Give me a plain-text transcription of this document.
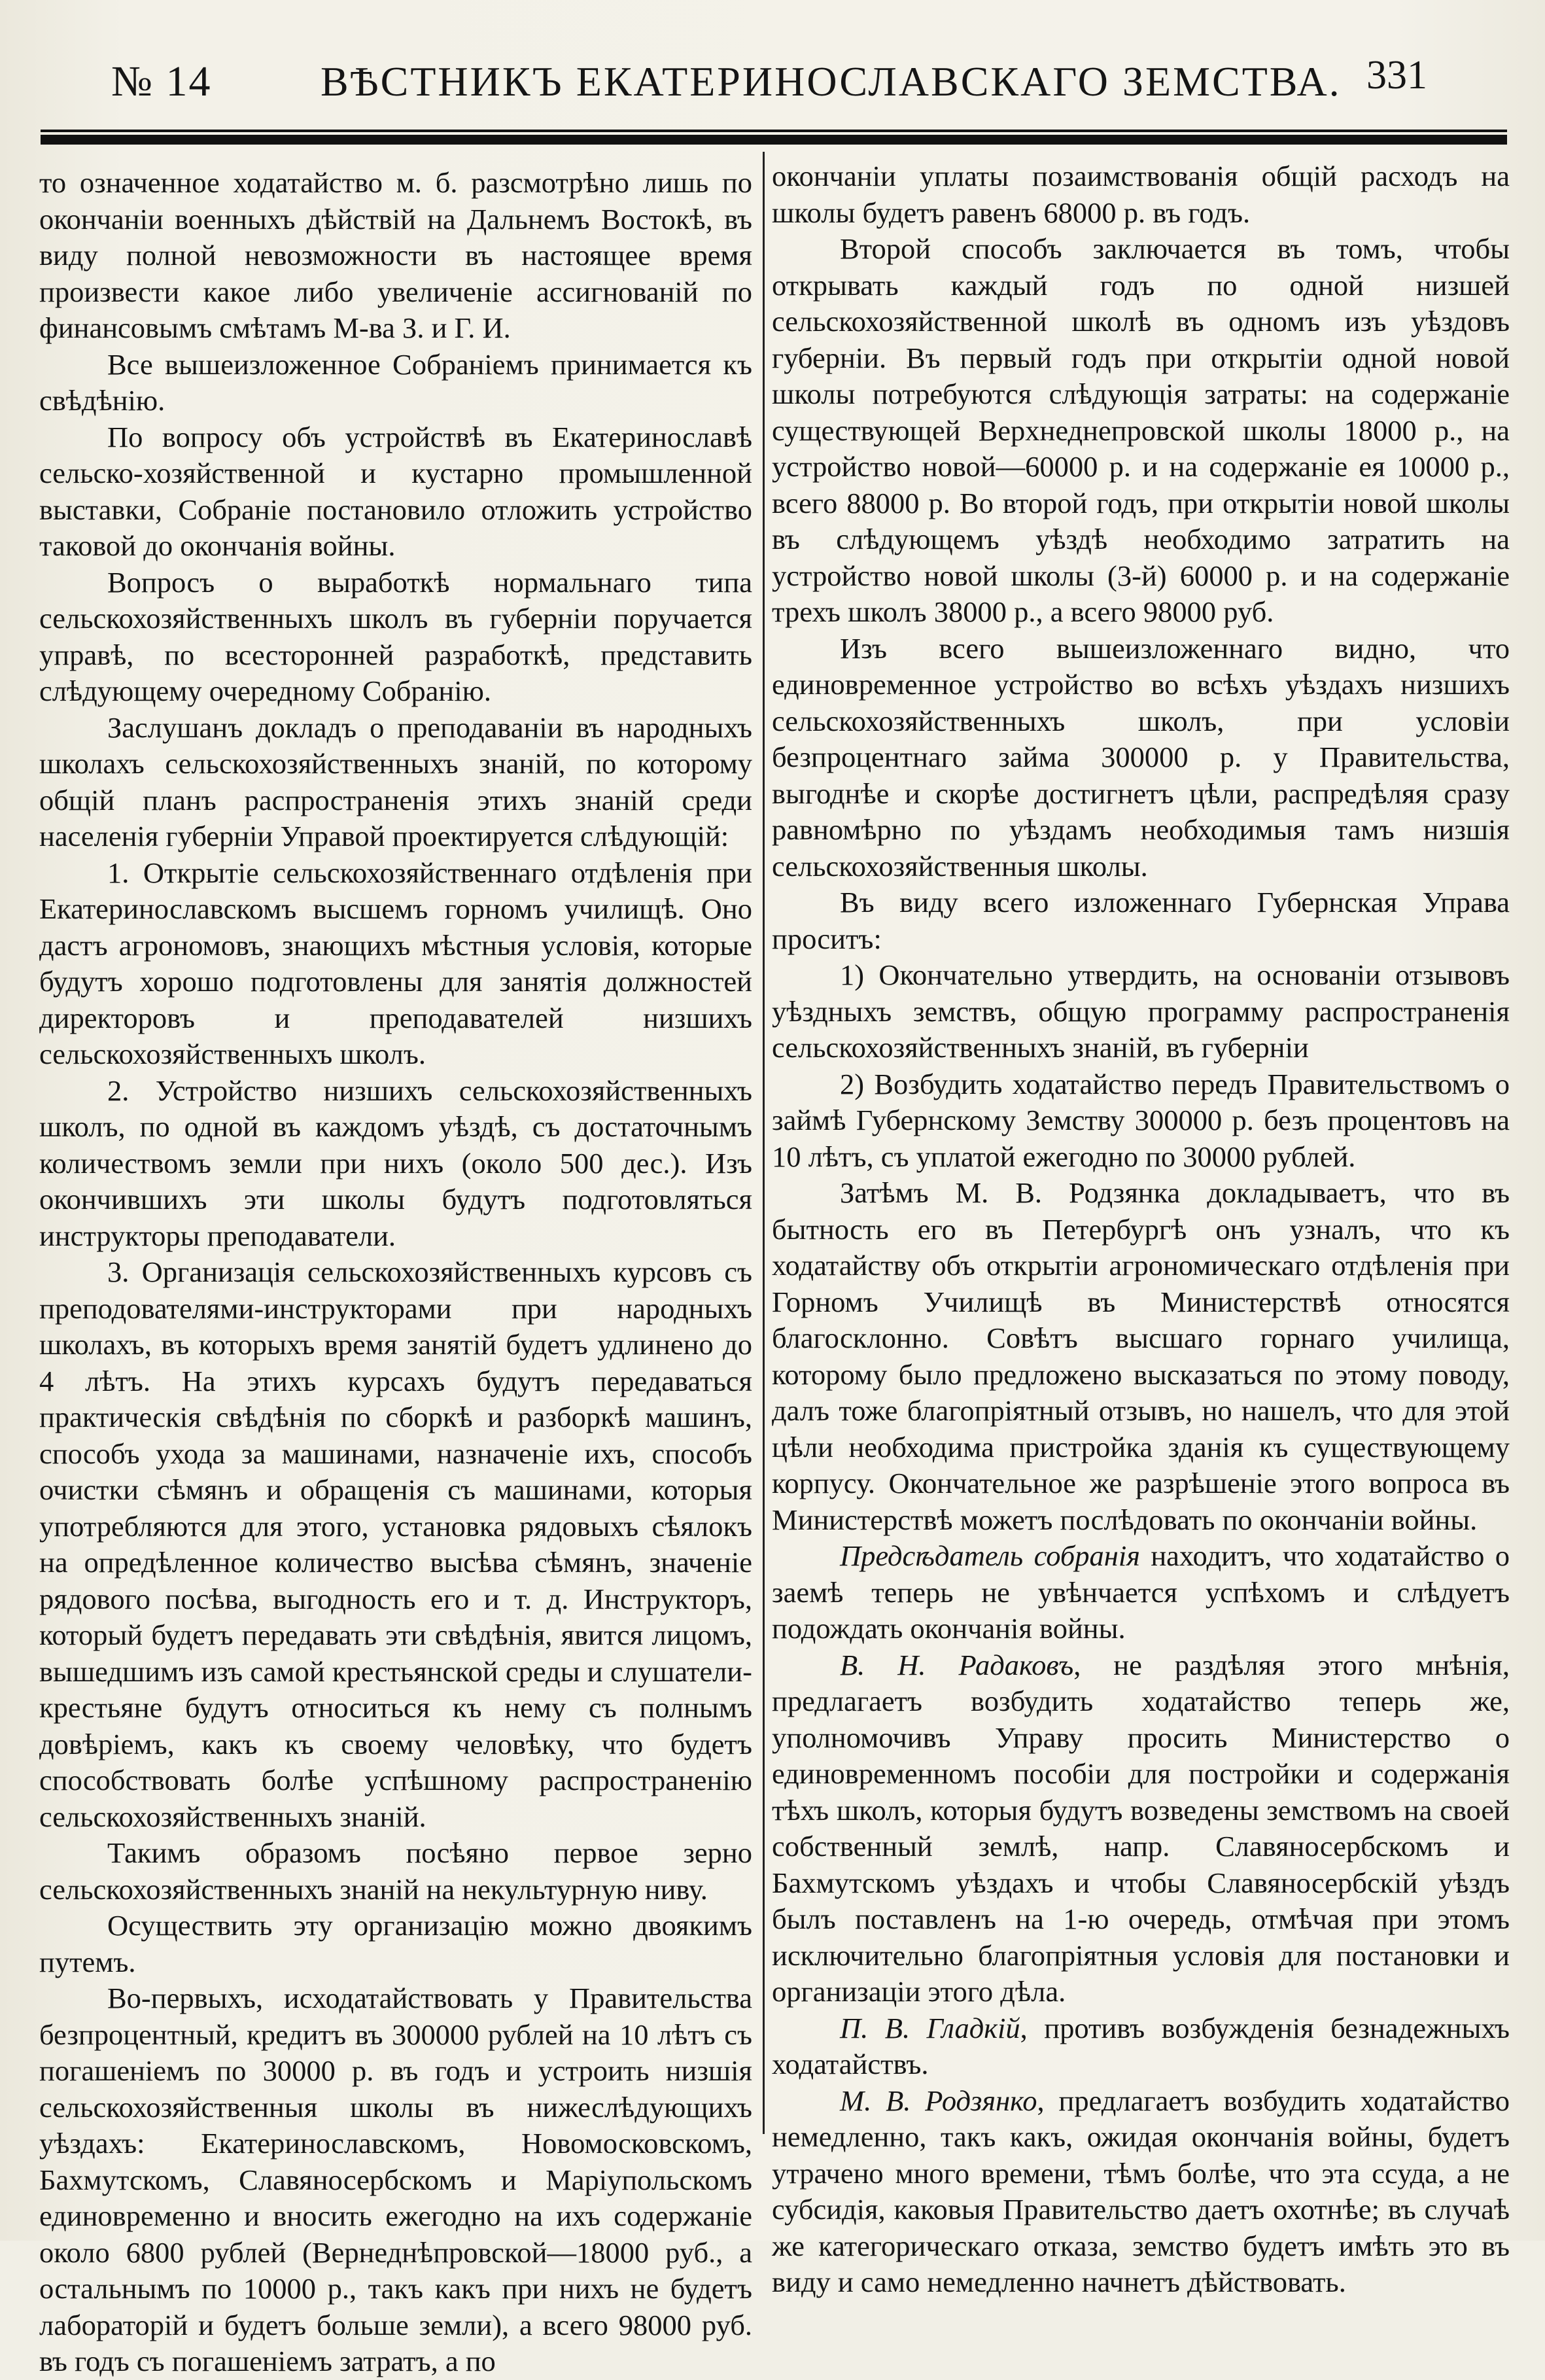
№ 14	ВѢСТНИКЪ ЕКАТЕРИНОСЛАВСКАГО ЗЕМСТВА. 331

то означенное ходатайство м. б. разсмотрѣно лишь по окончаніи военныхъ дѣйствій на Дальнемъ Востокѣ, въ виду полной невозможности въ настоящее время произвести какое либо увеличеніе ассигнованій по финансовымъ смѣтамъ М-ва З. и Г. И.

Все вышеизложенное Собраніемъ принимается къ свѣдѣнію.

По вопросу объ устройствѣ въ Екатеринославѣ сельско-хозяйственной и кустарно промышленной выставки, Собраніе постановило отложить устройство таковой до окончанія войны.

Вопросъ о выработкѣ нормальнаго типа сельскохозяйственныхъ школъ въ губерніи поручается управѣ, по всесторонней разработкѣ, представить слѣдующему очередному Собранію.

Заслушанъ докладъ о преподаваніи въ народныхъ школахъ сельскохозяйственныхъ знаній, по которому общій планъ распространенія этихъ знаній среди населенія губерніи Управой проектируется слѣдующій:

1. Открытіе сельскохозяйственнаго отдѣленія при Екатеринославскомъ высшемъ горномъ училищѣ. Оно дастъ агрономовъ, знающихъ мѣстныя условія, которые будутъ хорошо подготовлены для занятія должностей директоровъ и преподавателей низшихъ сельскохозяйственныхъ школъ.

2. Устройство низшихъ сельскохозяйственныхъ школъ, по одной въ каждомъ уѣздѣ, съ достаточнымъ количествомъ земли при нихъ (около 500 дес.). Изъ окончившихъ эти школы будутъ подготовляться инструкторы преподаватели.

3. Организація сельскохозяйственныхъ курсовъ съ преподователями-инструкторами при народныхъ школахъ, въ которыхъ время занятій будетъ удлинено до 4 лѣтъ. На этихъ курсахъ будутъ передаваться практическія свѣдѣнія по сборкѣ и разборкѣ машинъ, способъ ухода за машинами, назначеніе ихъ, способъ очистки сѣмянъ и обращенія съ машинами, которыя употребляются для этого, установка рядовыхъ сѣялокъ на опредѣленное количество высѣва сѣмянъ, значеніе рядового посѣва, выгодность его и т. д. Инструкторъ, который будетъ передавать эти свѣдѣнія, явится лицомъ, вышедшимъ изъ самой крестьянской среды и слушатели-крестьяне будутъ относиться къ нему съ полнымъ довѣріемъ, какъ къ своему человѣку, что будетъ способствовать болѣе успѣшному распространенію сельскохозяйственныхъ знаній.

Такимъ образомъ посѣяно первое зерно сельскохозяйственныхъ знаній на некультурную ниву.

Осуществить эту организацію можно двоякимъ путемъ.

Во-первыхъ, исходатайствовать у Правительства безпроцентный, кредитъ въ 300000 рублей на 10 лѣтъ съ погашеніемъ по 30000 р. въ годъ и устроить низшія сельскохозяйственныя школы въ нижеслѣдующихъ уѣздахъ: Екатеринославскомъ, Новомосковскомъ, Бахмутскомъ, Славяносербскомъ и Маріупольскомъ единовременно и вносить ежегодно на ихъ содержаніе около 6800 рублей (Вернеднѣпровской—18000 руб., а остальнымъ по 10000 р., такъ какъ при нихъ не будетъ лабораторій и будетъ больше земли), а всего 98000 руб. въ годъ съ погашеніемъ затратъ, а по

окончаніи уплаты позаимствованія общій расходъ на школы будетъ равенъ 68000 р. въ годъ.

Второй способъ заключается въ томъ, чтобы открывать каждый годъ по одной низшей сельскохозяйственной школѣ въ одномъ изъ уѣздовъ губерніи. Въ первый годъ при открытіи одной новой школы потребуются слѣдующія затраты: на содержаніе существующей Верхнеднепровской школы 18000 р., на устройство новой—60000 р. и на содержаніе ея 10000 р., всего 88000 р. Во второй годъ, при открытіи новой школы въ слѣдующемъ уѣздѣ необходимо затратить на устройство новой школы (3-й) 60000 р. и на содержаніе трехъ школъ 38000 р., а всего 98000 руб.

Изъ всего вышеизложеннаго видно, что единовременное устройство во всѣхъ уѣздахъ низшихъ сельскохозяйственныхъ школъ, при условіи безпроцентнаго займа 300000 р. у Правительства, выгоднѣе и скорѣе достигнетъ цѣли, распредѣляя сразу равномѣрно по уѣздамъ необходимыя тамъ низшія сельскохозяйственныя школы.

Въ виду всего изложеннаго Губернская Управа проситъ:

1) Окончательно утвердить, на основаніи отзывовъ уѣздныхъ земствъ, общую программу распространенія сельскохозяйственныхъ знаній, въ губерніи

2) Возбудить ходатайство передъ Правительствомъ о займѣ Губернскому Земству 300000 р. безъ процентовъ на 10 лѣтъ, съ уплатой ежегодно по 30000 рублей.

Затѣмъ М. В. Родзянка докладываетъ, что въ бытность его въ Петербургѣ онъ узналъ, что къ ходатайству объ открытіи агрономическаго отдѣленія при Горномъ Училищѣ въ Министерствѣ относятся благосклонно. Совѣтъ высшаго горнаго училища, которому было предложено высказаться по этому поводу, далъ тоже благопріятный отзывъ, но нашелъ, что для этой цѣли необходима пристройка зданія къ существующему корпусу. Окончательное же разрѣшеніе этого вопроса въ Министерствѣ можетъ послѣдовать по окончаніи войны.

Предсѣдатель собранія находитъ, что ходатайство о заемѣ теперь не увѣнчается успѣхомъ и слѣдуетъ подождать окончанія войны.

В. Н. Радаковъ, не раздѣляя этого мнѣнія, предлагаетъ возбудить ходатайство теперь же, уполномочивъ Управу просить Министерство о единовременномъ пособіи для постройки и содержанія тѣхъ школъ, которыя будутъ возведены земствомъ на своей собственный землѣ, напр. Славяносербскомъ и Бахмутскомъ уѣздахъ и чтобы Славяносербскій уѣздъ былъ поставленъ на 1-ю очередь, отмѣчая при этомъ исключительно благопріятныя условія для постановки и организаціи этого дѣла.

П. В. Гладкій, противъ возбужденія безнадежныхъ ходатайствъ.

М. В. Родзянко, предлагаетъ возбудить ходатайство немедленно, такъ какъ, ожидая окончанія войны, будетъ утрачено много времени, тѣмъ болѣе, что эта ссуда, а не субсидія, каковыя Правительство даетъ охотнѣе; въ случаѣ же категорическаго отказа, земство будетъ имѣть это въ виду и само немедленно начнетъ дѣйствовать.
